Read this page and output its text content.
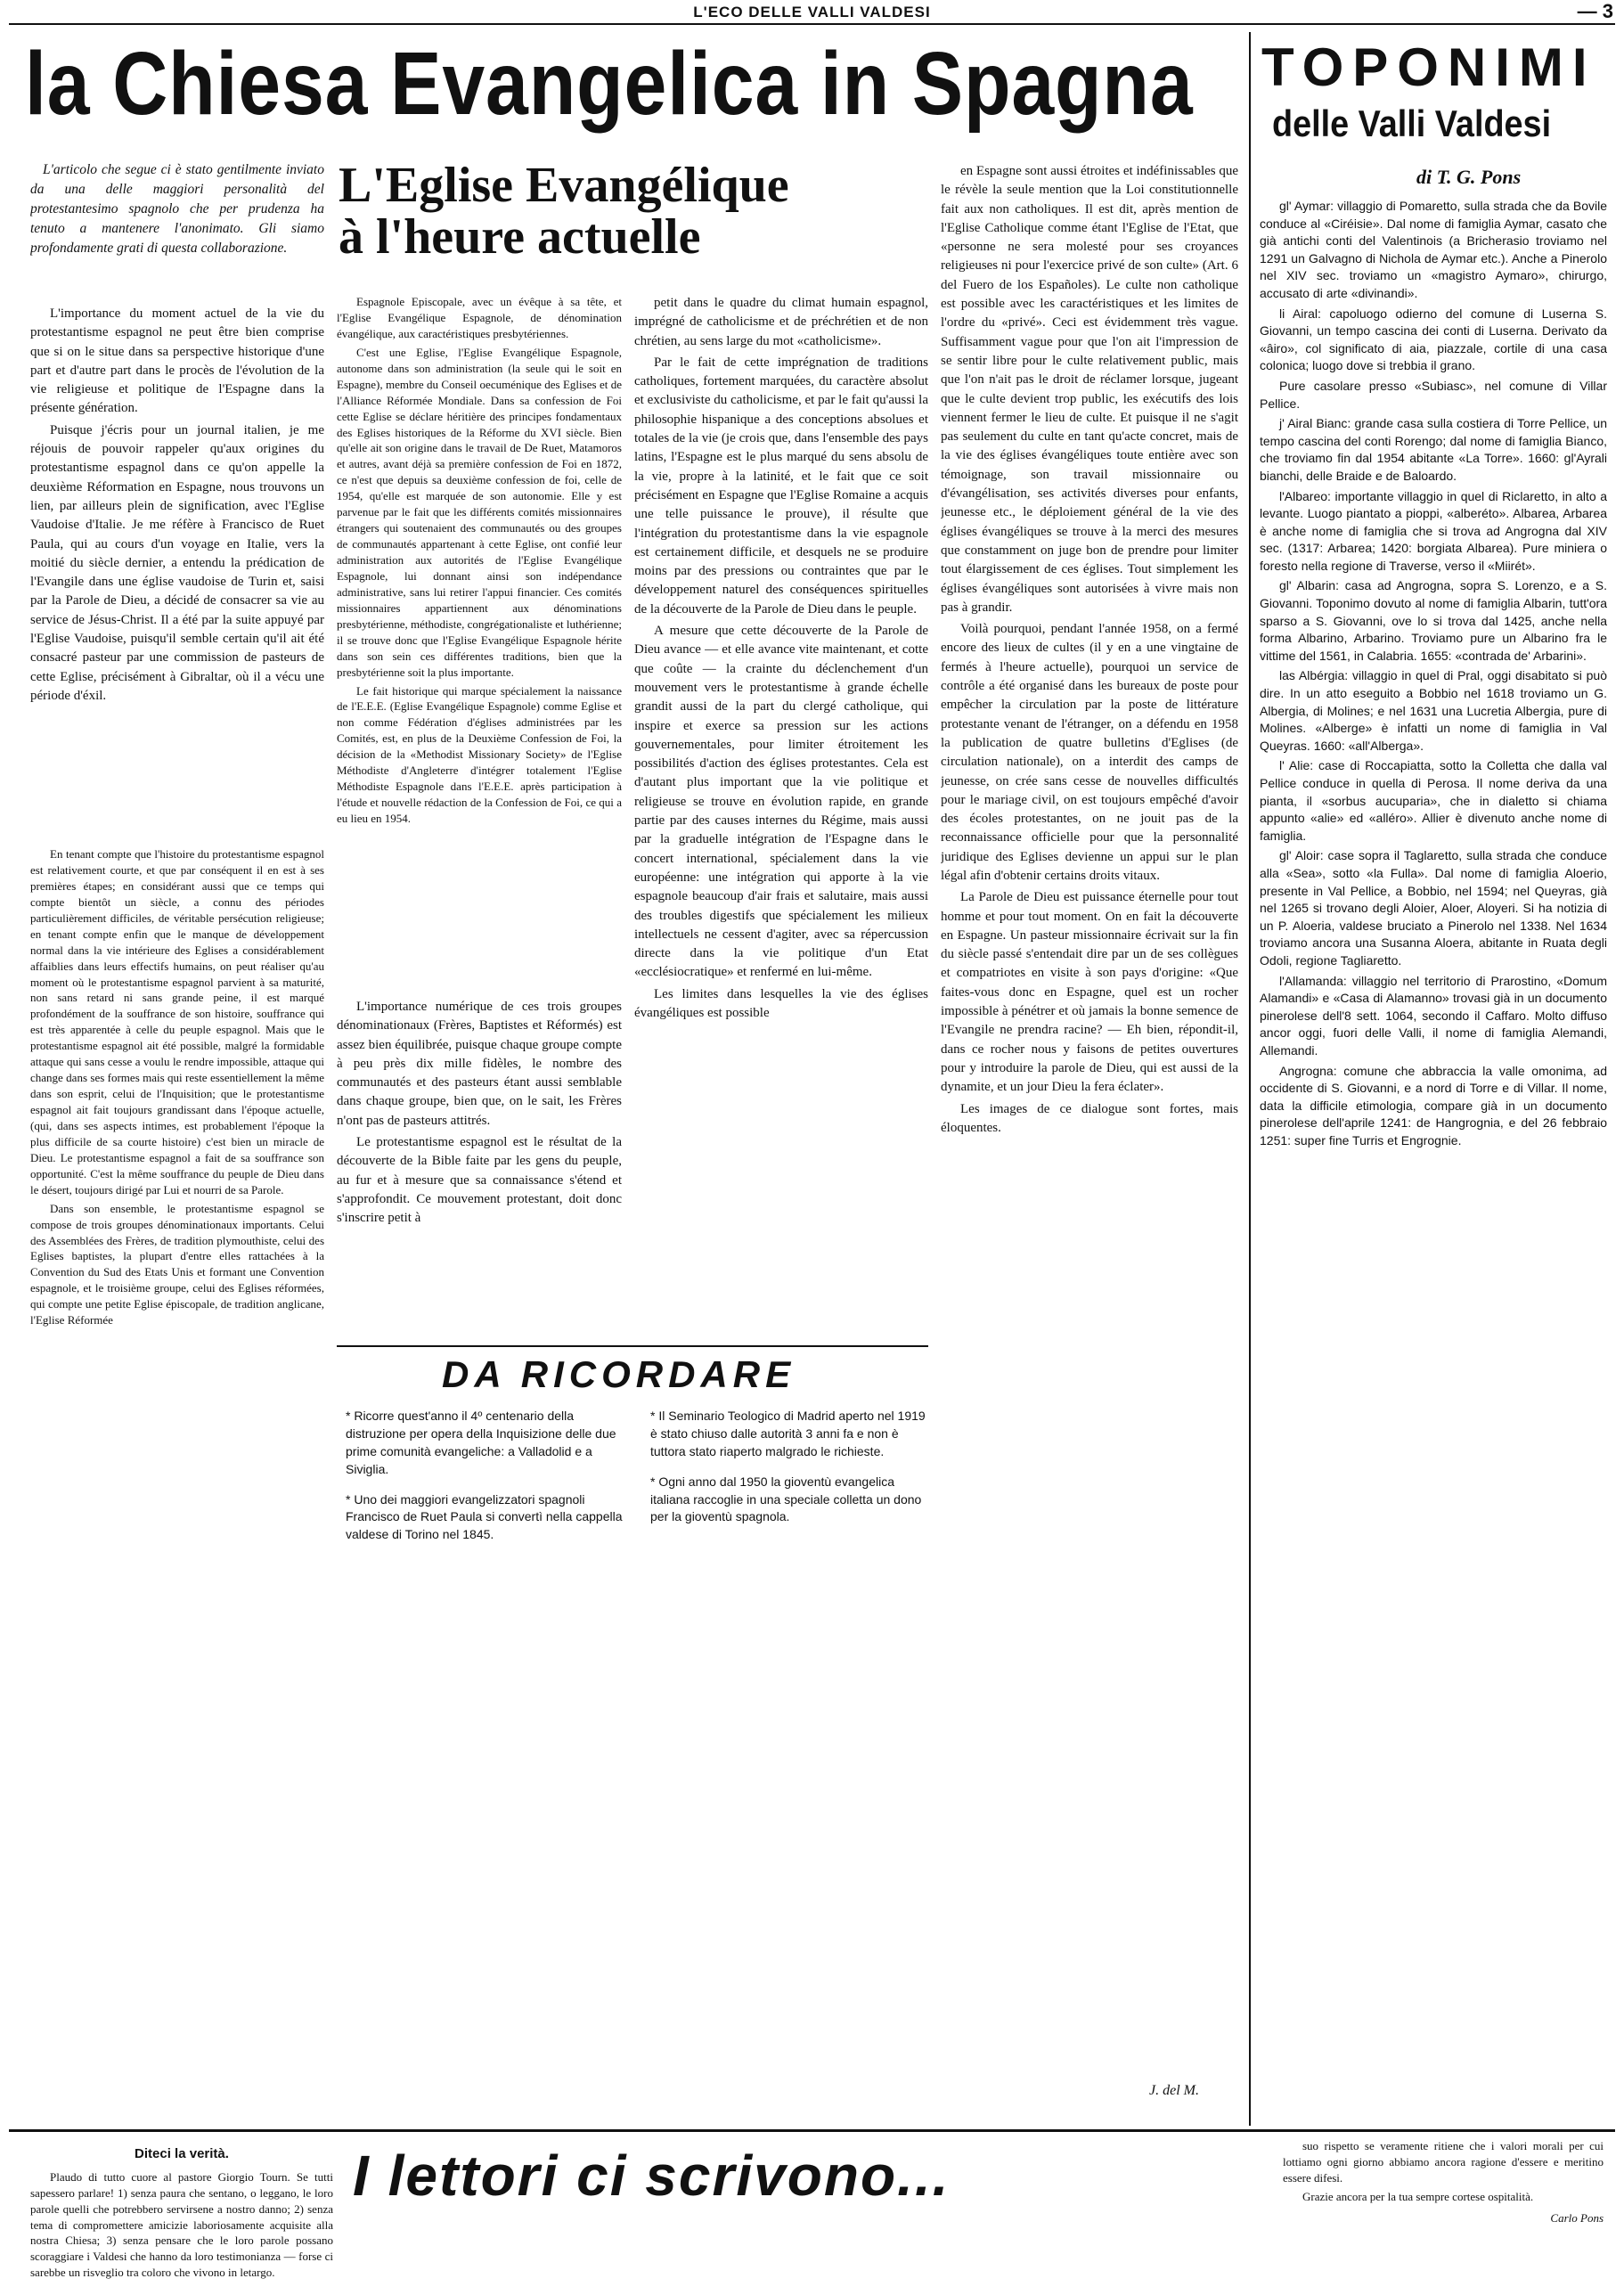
L'ECO DELLE VALLI VALDESI	— 3
la Chiesa Evangelica in Spagna TOPONIMI
delle Valli Valdesi
di T. G. Pons

L'articolo che segue ci è stato gentilmente inviato da una delle maggiori personalità del protestantesimo spagnolo che per prudenza ha tenuto a mantenere l'anonimato. Gli siamo profondamente grati di questa collaborazione.

L'Eglise Evangélique
à l'heure actuelle

L'importance du moment actuel de la vie du protestantisme espagnol ne peut être bien comprise que si on le situe dans sa perspective historique d'une part et d'autre part dans le procès de l'évolution de la vie religieuse et politique de l'Espagne dans la présente génération.

Puisque j'écris pour un journal italien, je me réjouis de pouvoir rappeler qu'aux origines du protestantisme espagnol dans ce qu'on appelle la deuxième Réformation en Espagne, nous trouvons un lien, par ailleurs plein de signification, avec l'Eglise Vaudoise d'Italie. Je me réfère à Francisco de Ruet Paula, qui au cours d'un voyage en Italie, vers la moitié du siècle dernier, a entendu la prédication de l'Evangile dans une église vaudoise de Turin et, saisi par la Parole de Dieu, a décidé de consacrer sa vie au service de Jésus-Christ. Il a été par la suite appuyé par l'Eglise Vaudoise, puisqu'il semble certain qu'il ait été consacré pasteur par une commission de pasteurs de cette Eglise, précisément à Gibraltar, où il a vécu une période d'éxil.

En tenant compte que l'histoire du protestantisme espagnol est relativement courte, et que par conséquent il en est à ses premières étapes; en considérant aussi que ce temps qui compte bientôt un siècle, a connu des périodes particulièrement difficiles, de véritable persécution religieuse; en tenant compte enfin que le manque de développement normal dans la vie intérieure des Eglises a considérablement affaiblies dans leurs effectifs humains, on peut réaliser qu'au moment où le protestantisme espagnol parvient à sa maturité, non sans retard ni sans grande peine, il est marqué profondément de la souffrance de son histoire, souffrance qui est très apparentée à celle du peuple espagnol. Mais que le protestantisme espagnol ait été possible, malgré la formidable attaque qui sans cesse a voulu le rendre impossible, attaque qui change dans ses formes mais qui reste essentiellement la même dans son esprit, celui de l'Inquisition; que le protestantisme espagnol ait fait toujours grandissant dans l'époque actuelle, (qui, dans ses aspects intimes, est probablement l'époque la plus difficile de sa courte histoire) c'est bien un miracle de Dieu. Le protestantisme espagnol a fait de sa souffrance son opportunité. C'est la même souffrance du peuple de Dieu dans le désert, toujours dirigé par Lui et nourri de sa Parole.

Dans son ensemble, le protestantisme espagnol se compose de trois groupes dénominationaux importants. Celui des Assemblées des Frères, de tradition plymouthiste, celui des Eglises baptistes, la plupart d'entre elles rattachées à la Convention du Sud des Etats Unis et formant une Convention espagnole, et le troisième groupe, celui des Eglises réformées, qui compte une petite Eglise épiscopale, de tradition anglicane, l'Eglise Réformée

Espagnole Episcopale, avec un évêque à sa tête, et l'Eglise Evangélique Espagnole, de dénomination évangélique, aux caractéristiques presbytériennes.

C'est une Eglise, l'Eglise Evangélique Espagnole, autonome dans son administration (la seule qui le soit en Espagne), membre du Conseil oecuménique des Eglises et de l'Alliance Réformée Mondiale. Dans sa confession de Foi cette Eglise se déclare héritière des principes fondamentaux des Eglises historiques de la Réforme du XVI siècle. Bien qu'elle ait son origine dans le travail de De Ruet, Matamoros et autres, avant déjà sa première confession de Foi en 1872, ce n'est que depuis sa deuxième confession de foi, celle de 1954, qu'elle est marquée de son autonomie. Elle y est parvenue par le fait que les différents comités missionnaires étrangers qui soutenaient des communautés ou des groupes de communautés appartenant à cette Eglise, ont confié leur administration aux autorités de l'Eglise Evangélique Espagnole, lui donnant ainsi son indépendance administrative, sans lui retirer l'appui financier. Ces comités missionnaires appartiennent aux dénominations presbytérienne, méthodiste, congrégationaliste et luthérienne; il se trouve donc que l'Eglise Evangélique Espagnole hérite dans son sein ces différentes traditions, bien que la presbytérienne soit la plus importante.

Le fait historique qui marque spécialement la naissance de l'E.E.E. (Eglise Evangélique Espagnole) comme Eglise et non comme Fédération d'églises administrées par les Comités, est, en plus de la Deuxième Confession de Foi, la décision de la «Methodist Missionary Society» de l'Eglise Méthodiste d'Angleterre d'intégrer totalement l'Eglise Méthodiste Espagnole dans l'E.E.E. après participation à l'étude et nouvelle rédaction de la Confession de Foi, ce qui a eu lieu en 1954.

L'importance numérique de ces trois groupes dénominationaux (Frères, Baptistes et Réformés) est assez bien équilibrée, puisque chaque groupe compte à peu près dix mille fidèles, le nombre des communautés et des pasteurs étant aussi semblable dans chaque groupe, bien que, on le sait, les Frères n'ont pas de pasteurs attitrés.

Le protestantisme espagnol est le résultat de la découverte de la Bible faite par les gens du peuple, au fur et à mesure que sa connaissance s'étend et s'approfondit. Ce mouvement protestant, doit donc s'inscrire petit à

petit dans le quadre du climat humain espagnol, imprégné de catholicisme et de préchrétien et de non chrétien, au sens large du mot «catholicisme».

Par le fait de cette imprégnation de traditions catholiques, fortement marquées, du caractère absolut et exclusiviste du catholicisme, et par le fait qu'aussi la philosophie hispanique a des conceptions absolues et totales de la vie (je crois que, dans l'ensemble des pays latins, l'Espagne est le plus marqué du sens absolu de la vie, propre à la latinité, et le fait que ce soit précisément en Espagne que l'Eglise Romaine a acquis une telle puissance le prouve), il résulte que l'intégration du protestantisme dans la vie espagnole est certainement difficile, et desquels ne se produire moins par des pressions ou contraintes que par le développement naturel des conséquences spirituelles de la découverte de la Parole de Dieu dans le peuple.

A mesure que cette découverte de la Parole de Dieu avance — et elle avance vite maintenant, et cotte que coûte — la crainte du déclenchement d'un mouvement vers le protestantisme à grande échelle grandit aussi de la part du clergé catholique, qui inspire et exerce sa pression sur les actions gouvernementales, pour limiter étroitement les possibilités d'action des églises protestantes. Cela est d'autant plus important que la vie politique et religieuse se trouve en évolution rapide, en grande partie par des causes internes du Régime, mais aussi par la graduelle intégration de l'Espagne dans le concert international, spécialement dans la vie européenne: une intégration qui apporte à la vie espagnole beaucoup d'air frais et salutaire, mais aussi des troubles digestifs que spécialement les milieux intellectuels ne cessent d'agiter, avec sa répercussion directe dans la vie politique d'un Etat «ecclésiocratique» et renfermé en lui-même.

Les limites dans lesquelles la vie des églises évangéliques est possible

en Espagne sont aussi étroites et indéfinissables que le révèle la seule mention que la Loi constitutionnelle fait aux non catholiques. Il est dit, après mention de l'Eglise Catholique comme étant l'Eglise de l'Etat, que «personne ne sera molesté pour ses croyances religieuses ni pour l'exercice privé de son culte» (Art. 6 del Fuero de los Españoles). Le culte non catholique est possible avec les caractéristiques et les limites de l'ordre du «privé». Ceci est évidemment très vague. Suffisamment vague pour que l'on ait l'impression de se sentir libre pour le culte relativement public, mais que l'on n'ait pas le droit de réclamer lorsque, jugeant que le culte devient trop public, les exécutifs des lois viennent fermer le lieu de culte. Et puisque il ne s'agit pas seulement du culte en tant qu'acte concret, mais de la vie des églises évangéliques toute entière avec son témoignage, son travail missionnaire ou d'évangélisation, ses activités diverses pour enfants, jeunesse etc., le déploiement général de la vie des églises évangéliques se trouve à la merci des mesures que constamment on juge bon de prendre pour limiter tout élargissement de ces églises. Tout simplement les églises évangéliques sont autorisées à vivre mais non pas à grandir.

Voilà pourquoi, pendant l'année 1958, on a fermé encore des lieux de cultes (il y en a une vingtaine de fermés à l'heure actuelle), pourquoi un service de contrôle a été organisé dans les bureaux de poste pour empêcher la circulation par la poste de littérature protestante venant de l'étranger, on a défendu en 1958 la publication de quatre bulletins d'Eglises (de circulation nationale), on a interdit des camps de jeunesse, on crée sans cesse de nouvelles difficultés pour le mariage civil, on est toujours empêché d'avoir des écoles protestantes, on ne jouit pas de la reconnaissance officielle pour que la personnalité juridique des Eglises devienne un appui sur le plan légal afin d'obtenir certains droits vitaux.

La Parole de Dieu est puissance éternelle pour tout homme et pour tout moment. On en fait la découverte en Espagne. Un pasteur missionnaire écrivait sur la fin du siècle passé s'entendait dire par un de ses collègues et compatriotes en visite à son pays d'origine: «Que faites-vous donc en Espagne, quel est un rocher impossible à pénétrer et où jamais la bonne semence de l'Evangile ne prendra racine? — Eh bien, répondit-il, dans ce rocher nous y faisons de petites ouvertures pour y introduire la parole de Dieu, qui est aussi de la dynamite, et un jour Dieu la fera éclater».

Les images de ce dialogue sont fortes, mais éloquentes.

J. del M.
DA RICORDARE

* Ricorre quest'anno il 4º centenario della distruzione per opera della Inquisizione delle due prime comunità evangeliche: a Valladolid e a Siviglia.

* Uno dei maggiori evangelizzatori spagnoli Francisco de Ruet Paula si convertì nella cappella valdese di Torino nel 1845.

* Il Seminario Teologico di Madrid aperto nel 1919 è stato chiuso dalle autorità 3 anni fa e non è tuttora stato riaperto malgrado le richieste.

* Ogni anno dal 1950 la gioventù evangelica italiana raccoglie in una speciale colletta un dono per la gioventù spagnola.

gl' Aymar: villaggio di Pomaretto, sulla strada che da Bovile conduce al «Ciréisie». Dal nome di famiglia Aymar, casato che già antichi conti del Valentinois (a Bricherasio troviamo nel 1291 un Galvagno di Nichola de Aymar etc.). Anche a Pinerolo nel XIV sec. troviamo un «magistro Aymaro», chirurgo, accusato di arte «divinandi».

li Airal: capoluogo odierno del comune di Luserna S. Giovanni, un tempo cascina dei conti di Luserna. Derivato da «âiro», col significato di aia, piazzale, cortile di una casa colonica; luogo dove si trebbia il grano.

Pure casolare presso «Subiasc», nel comune di Villar Pellice.

j' Airal Bianc: grande casa sulla costiera di Torre Pellice, un tempo cascina del conti Rorengo; dal nome di famiglia Bianco, che troviamo fin dal 1954 abitante «La Torre». 1660: gl'Ayrali bianchi, delle Braide e de Baloardo.

l'Albareo: importante villaggio in quel di Riclaretto, in alto a levante. Luogo piantato a pioppi, «alberéto». Albarea, Arbarea è anche nome di famiglia che si trova ad Angrogna dal XIV sec. (1317: Arbarea; 1420: borgiata Albarea). Pure miniera o foresto nella regione di Traverse, verso il «Miirét».

gl' Albarin: casa ad Angrogna, sopra S. Lorenzo, e a S. Giovanni. Toponimo dovuto al nome di famiglia Albarin, tutt'ora sparso a S. Giovanni, ove lo si trova dal 1425, anche nella forma Albarino, Arbarino. Troviamo pure un Albarino fra le vittime del 1561, in Calabria. 1655: «contrada de' Arbarini».

las Albérgia: villaggio in quel di Pral, oggi disabitato si può dire. In un atto eseguito a Bobbio nel 1618 troviamo un G. Albergia, di Molines; e nel 1631 una Lucretia Albergia, pure di Molines. «Alberge» è infatti un nome di famiglia in Val Queyras. 1660: «all'Alberga».

l' Alie: case di Roccapiatta, sotto la Colletta che dalla val Pellice conduce in quella di Perosa. Il nome deriva da una pianta, il «sorbus aucuparia», che in dialetto si chiama appunto «alie» ed «alléro». Allier è divenuto anche nome di famiglia.

gl' Aloir: case sopra il Taglaretto, sulla strada che conduce alla «Sea», sotto «la Fulla». Dal nome di famiglia Aloerio, presente in Val Pellice, a Bobbio, nel 1594; nel Queyras, già nel 1265 si trovano degli Aloier, Aloer, Aloyeri. Si ha notizia di un P. Aloeria, valdese bruciato a Pinerolo nel 1338. Nel 1634 troviamo ancora una Susanna Aloera, abitante in Ruata degli Odoli, regione Tagliaretto.

l'Allamanda: villaggio nel territorio di Prarostino, «Domum Alamandi» e «Casa di Alamanno» trovasi già in un documento pinerolese dell'8 sett. 1064, secondo il Caffaro. Molto diffuso ancor oggi, fuori delle Valli, il nome di famiglia Alemandi, Allemandi.

Angrogna: comune che abbraccia la valle omonima, ad occidente di S. Giovanni, e a nord di Torre e di Villar. Il nome, data la difficile etimologia, compare già in un documento pinerolese dell'aprile 1241: de Hangrognia, e del 26 febbraio 1251: super fine Turris et Engrognie.

Diteci la verità.

Plaudo di tutto cuore al pastore Giorgio Tourn. Se tutti sapessero parlare! 1) senza paura che sentano, o leggano, le loro parole quelli che potrebbero servirsene a nostro danno; 2) senza tema di compromettere amicizie laboriosamente acquisite alla nostra Chiesa; 3) senza pensare che le loro parole possano scoraggiare i Valdesi che hanno da loro testimonianza — forse ci sarebbe un risveglio tra coloro che vivono in letargo.

I lettori ci scrivono...	suo rispetto se veramente ritiene che i valori morali per cui lottiamo ogni giorno abbiamo ancora ragione d'essere e meritino essere difesi.

Grazie ancora per la tua sempre cortese ospitalità.

Carlo Pons
